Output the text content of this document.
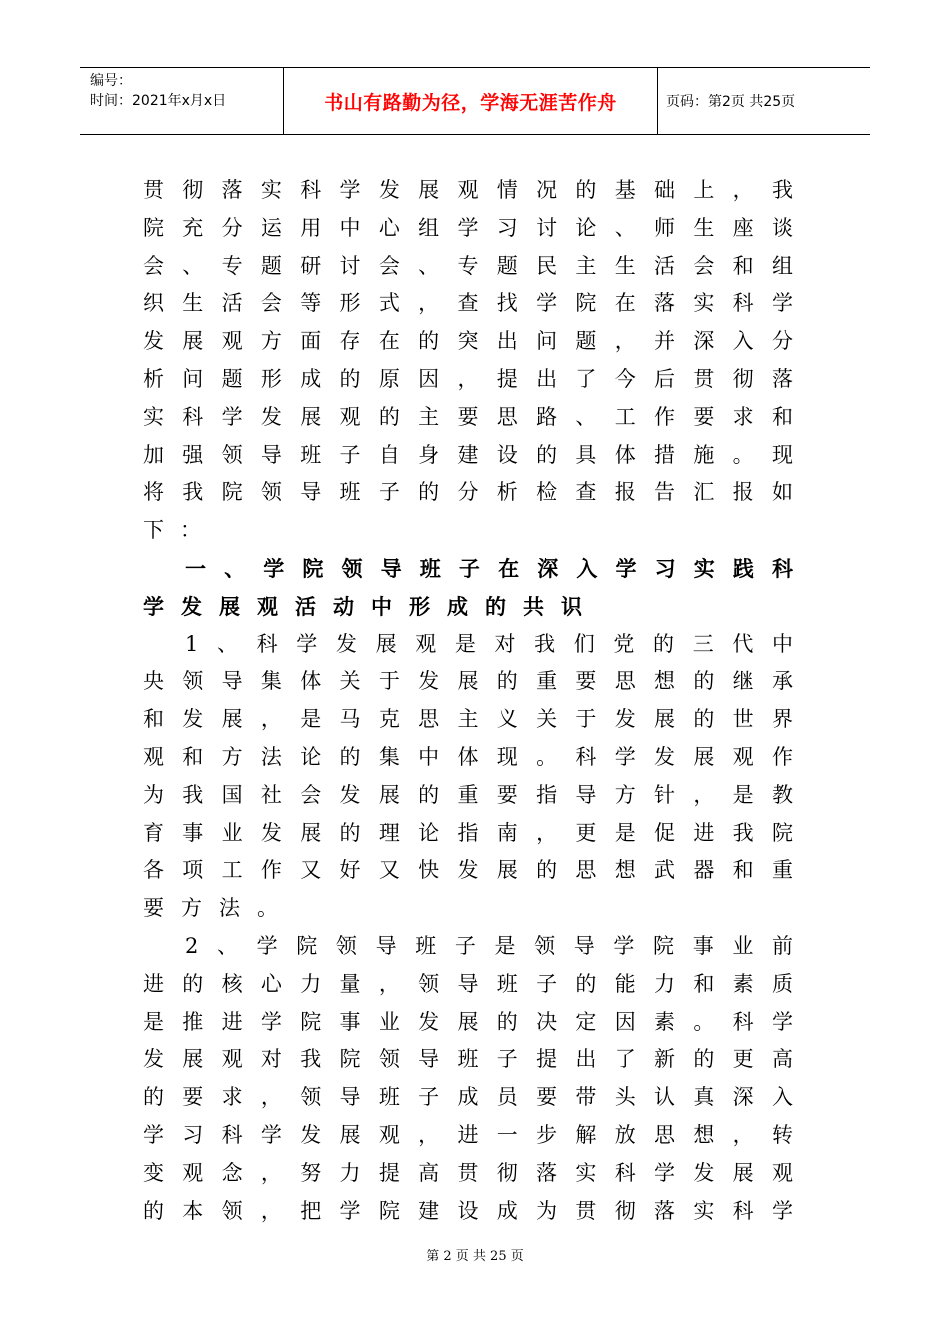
编号：
时间：2021年x月x日	书山有路勤为径，学海无涯苦作舟	页码：第2页 共25页
贯彻落实科学发展观情况的基础上，我
院充分运用中心组学习讨论、师生座谈
会、专题研讨会、专题民主生活会和组
织生活会等形式，查找学院在落实科学
发展观方面存在的突出问题，并深入分
析问题形成的原因，提出了今后贯彻落
实科学发展观的主要思路、工作要求和
加强领导班子自身建设的具体措施。现
将我院领导班子的分析检查报告汇报如
下：
一、学院领导班子在深入学习实践科
学发展观活动中形成的共识
1、科学发展观是对我们党的三代中
央领导集体关于发展的重要思想的继承
和发展，是马克思主义关于发展的世界
观和方法论的集中体现。科学发展观作
为我国社会发展的重要指导方针，是教
育事业发展的理论指南，更是促进我院
各项工作又好又快发展的思想武器和重
要方法。
2、学院领导班子是领导学院事业前
进的核心力量，领导班子的能力和素质
是推进学院事业发展的决定因素。科学
发展观对我院领导班子提出了新的更高
的要求，领导班子成员要带头认真深入
学习科学发展观，进一步解放思想，转
变观念，努力提高贯彻落实科学发展观
的本领，把学院建设成为贯彻落实科学
第 2 页 共 25 页
